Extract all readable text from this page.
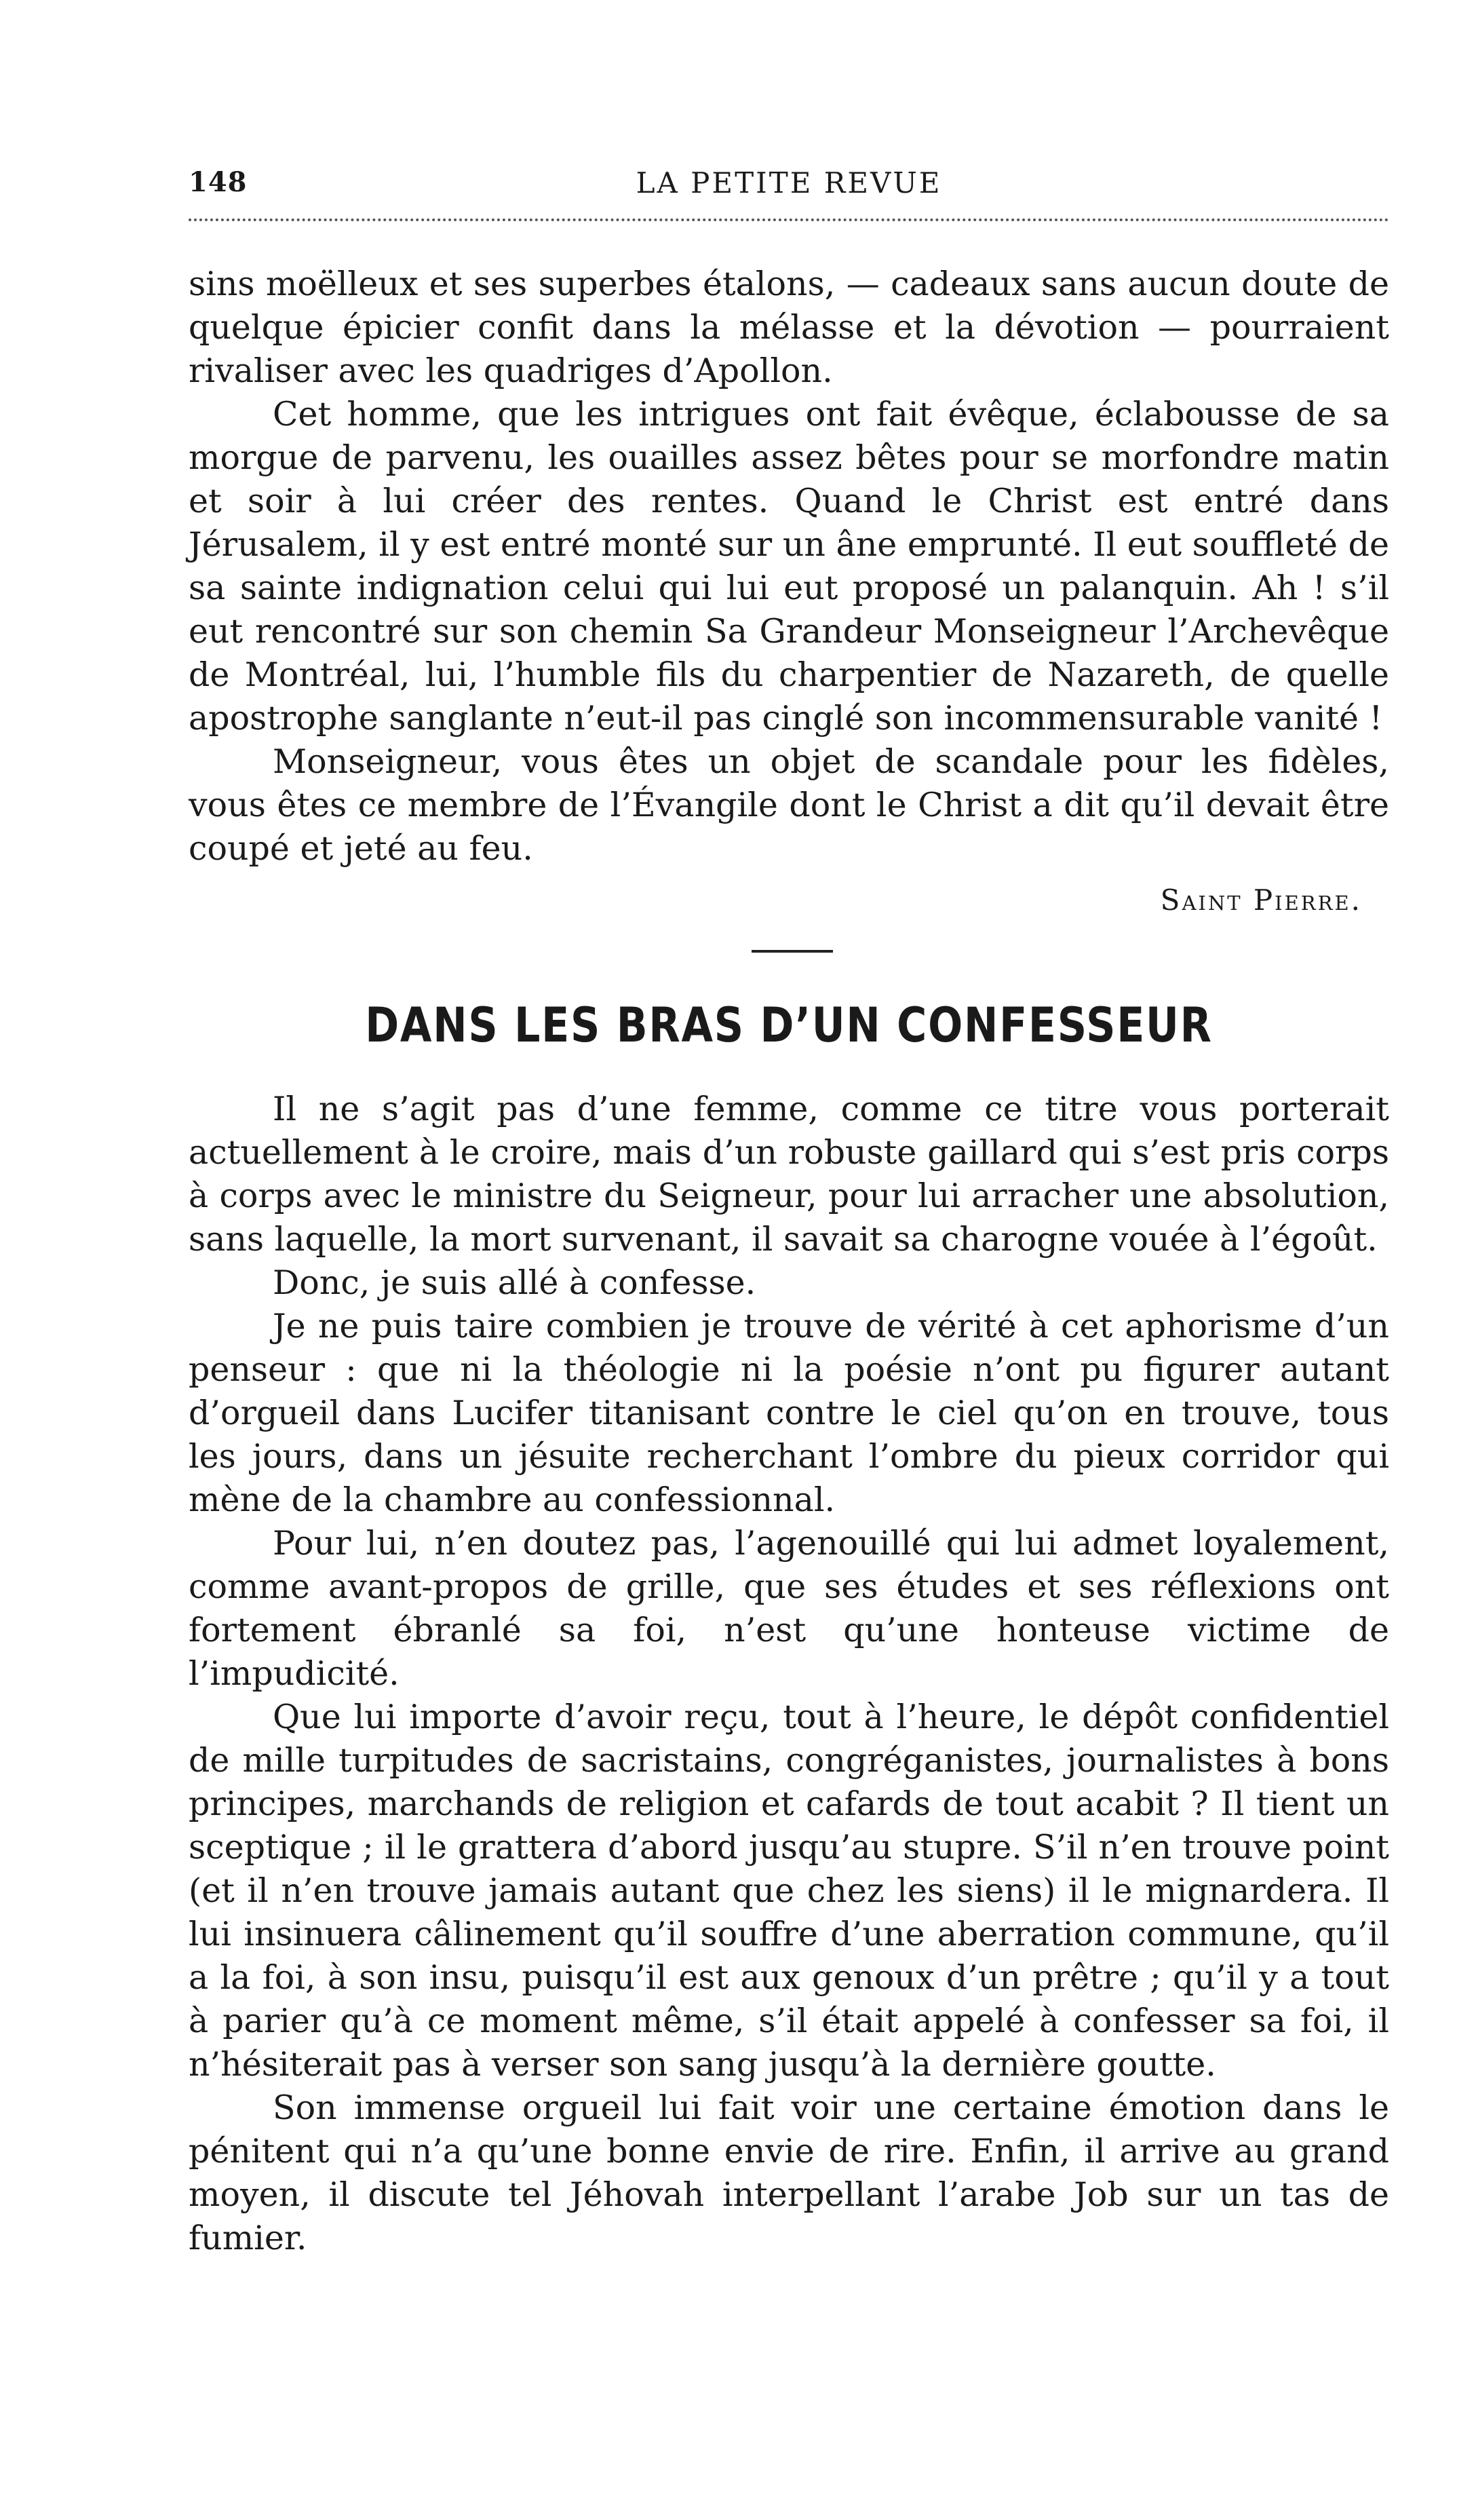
148	LA PETITE REVUE

sins moëlleux et ses superbes étalons, — cadeaux sans aucun doute de quelque épicier confit dans la mélasse et la dévotion — pourraient rivaliser avec les quadriges d’Apollon.

Cet homme, que les intrigues ont fait évêque, éclabousse de sa morgue de parvenu, les ouailles assez bêtes pour se morfondre matin et soir à lui créer des rentes. Quand le Christ est entré dans Jérusalem, il y est entré monté sur un âne emprunté. Il eut souffleté de sa sainte indignation celui qui lui eut proposé un palanquin. Ah ! s’il eut rencontré sur son chemin Sa Grandeur Monseigneur l’Archevêque de Montréal, lui, l’humble fils du charpentier de Nazareth, de quelle apostrophe sanglante n’eut-il pas cinglé son incommensurable vanité !

Monseigneur, vous êtes un objet de scandale pour les fidèles, vous êtes ce membre de l’Évangile dont le Christ a dit qu’il devait être coupé et jeté au feu.

Saint Pierre.
DANS LES BRAS D’UN CONFESSEUR

Il ne s’agit pas d’une femme, comme ce titre vous porterait actuellement à le croire, mais d’un robuste gaillard qui s’est pris corps à corps avec le ministre du Seigneur, pour lui arracher une absolution, sans laquelle, la mort survenant, il savait sa charogne vouée à l’égoût.

Donc, je suis allé à confesse.

Je ne puis taire combien je trouve de vérité à cet aphorisme d’un penseur : que ni la théologie ni la poésie n’ont pu figurer autant d’orgueil dans Lucifer titanisant contre le ciel qu’on en trouve, tous les jours, dans un jésuite recherchant l’ombre du pieux corridor qui mène de la chambre au confessionnal.

Pour lui, n’en doutez pas, l’agenouillé qui lui admet loyalement, comme avant-propos de grille, que ses études et ses réflexions ont fortement ébranlé sa foi, n’est qu’une honteuse victime de l’impudicité.

Que lui importe d’avoir reçu, tout à l’heure, le dépôt confidentiel de mille turpitudes de sacristains, congréganistes, journalistes à bons principes, marchands de religion et cafards de tout acabit ? Il tient un sceptique ; il le grattera d’abord jusqu’au stupre. S’il n’en trouve point (et il n’en trouve jamais autant que chez les siens) il le mignardera. Il lui insinuera câlinement qu’il souffre d’une aberration commune, qu’il a la foi, à son insu, puisqu’il est aux genoux d’un prêtre ; qu’il y a tout à parier qu’à ce moment même, s’il était appelé à confesser sa foi, il n’hésiterait pas à verser son sang jusqu’à la dernière goutte.

Son immense orgueil lui fait voir une certaine émotion dans le pénitent qui n’a qu’une bonne envie de rire. Enfin, il arrive au grand moyen, il discute tel Jéhovah interpellant l’arabe Job sur un tas de fumier.
